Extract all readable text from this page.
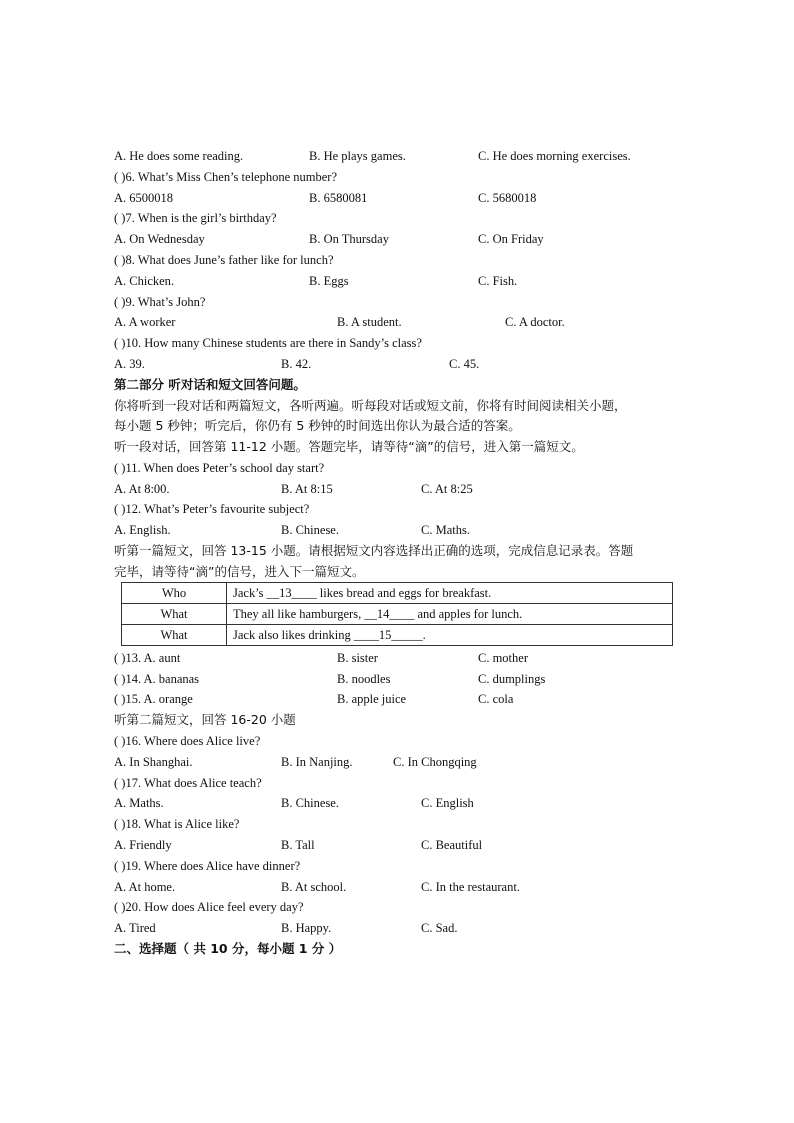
A. He does some reading.	B. He plays games.	C. He does morning exercises.
( )6. What’s Miss Chen’s telephone number?
A. 6500018	B. 6580081	C. 5680018
( )7. When is the girl’s birthday?
A. On Wednesday	B. On Thursday	C. On Friday
( )8. What does June’s father like for lunch?
A. Chicken.	B. Eggs	C. Fish.
( )9. What’s John?
A. A worker	B. A student.	C. A doctor.
( )10. How many Chinese students are there in Sandy’s class?
A. 39.	B. 42.	C. 45.
第二部分 听对话和短文回答问题。
你将听到一段对话和两篇短文，各听两遍。听每段对话或短文前，你将有时间阅读相关小题，
每小题 5 秒钟；听完后，你仍有 5 秒钟的时间选出你认为最合适的答案。
听一段对话，回答第 11-12 小题。答题完毕，请等待“滴”的信号，进入第一篇短文。
( )11. When does Peter’s school day start?
A. At 8:00.	B. At 8:15	C. At 8:25
( )12. What’s Peter’s favourite subject?
A. English.	B. Chinese.	C. Maths.
听第一篇短文，回答 13-15 小题。请根据短文内容选择出正确的选项，完成信息记录表。答题
完毕，请等待“滴”的信号，进入下一篇短文。
Who	Jack’s __13____ likes bread and eggs for breakfast.
What	They all like hamburgers, __14____ and apples for lunch.
What	Jack also likes drinking ____15_____.
( )13. A. aunt	B. sister	C. mother
( )14. A. bananas	B. noodles	C. dumplings
( )15. A. orange	B. apple juice	C. cola
听第二篇短文，回答 16-20 小题
( )16. Where does Alice live?
A. In Shanghai.	B. In Nanjing.	C. In Chongqing
( )17. What does Alice teach?
A. Maths.	B. Chinese.	C. English
( )18. What is Alice like?
A. Friendly	B. Tall	C. Beautiful
( )19. Where does Alice have dinner?
A. At home.	B. At school.	C. In the restaurant.
( )20. How does Alice feel every day?
A. Tired	B. Happy.	C. Sad.
二、选择题（ 共 10 分，每小题 1 分 ）
